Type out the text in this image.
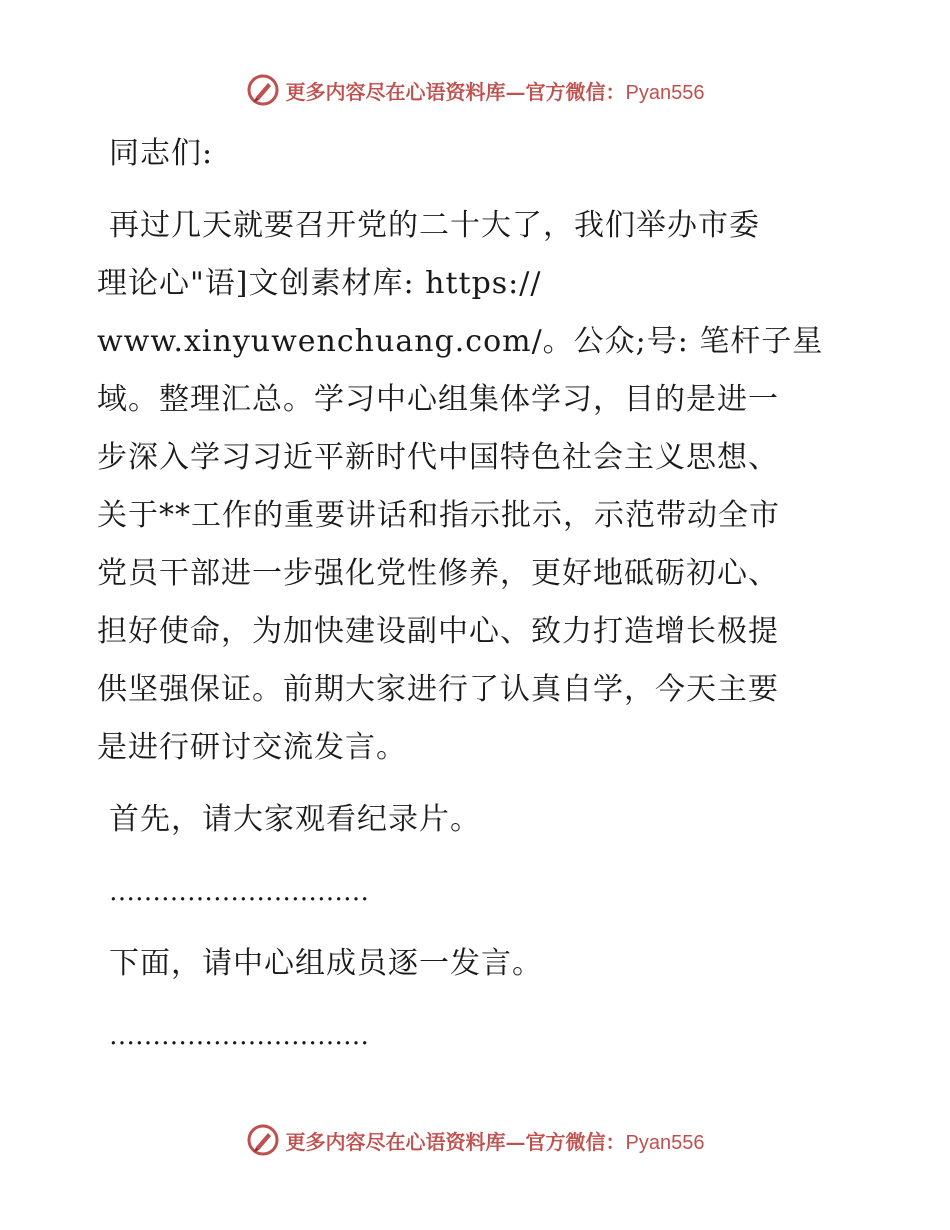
更多内容尽在心语资料库—官方微信：Pyan556
同志们:
再过几天就要召开党的二十大了，我们举办市委
理论心"语]文创素材库: https://
www.xinyuwenchuang.com/。公众;号: 笔杆子星
域。整理汇总。学习中心组集体学习，目的是进一
步深入学习习近平新时代中国特色社会主义思想、
关于**工作的重要讲话和指示批示，示范带动全市
党员干部进一步强化党性修养，更好地砥砺初心、
担好使命，为加快建设副中心、致力打造增长极提
供坚强保证。前期大家进行了认真自学，今天主要
是进行研讨交流发言。
首先，请大家观看纪录片。
…………………………
下面，请中心组成员逐一发言。
…………………………
更多内容尽在心语资料库—官方微信：Pyan556
